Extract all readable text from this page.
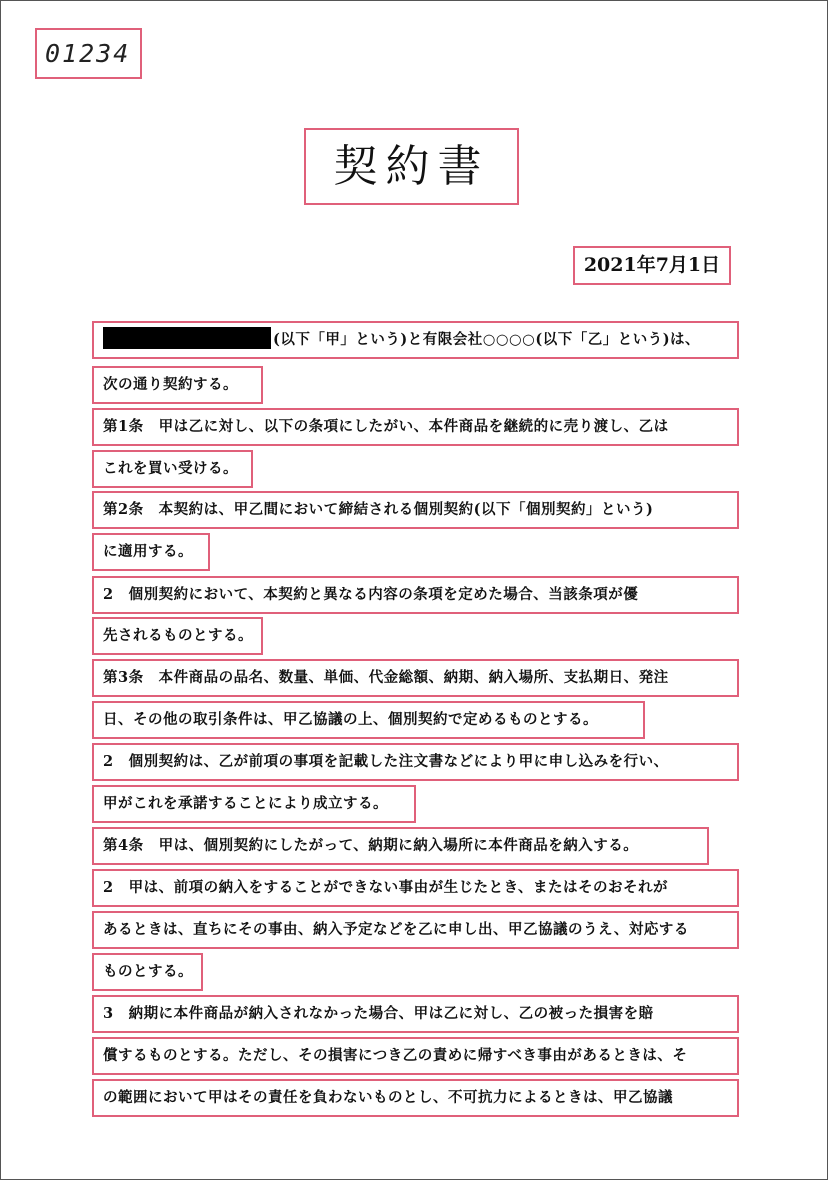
01234
契約書
2021年7月1日
(以下「甲」という)と有限会社○○○○(以下「乙」という)は、
次の通り契約する。
第1条　甲は乙に対し、以下の条項にしたがい、本件商品を継続的に売り渡し、乙は
これを買い受ける。
第2条　本契約は、甲乙間において締結される個別契約(以下「個別契約」という)
に適用する。
2　個別契約において、本契約と異なる内容の条項を定めた場合、当該条項が優
先されるものとする。
第3条　本件商品の品名、数量、単価、代金総額、納期、納入場所、支払期日、発注
日、その他の取引条件は、甲乙協議の上、個別契約で定めるものとする。
2　個別契約は、乙が前項の事項を記載した注文書などにより甲に申し込みを行い、
甲がこれを承諾することにより成立する。
第4条　甲は、個別契約にしたがって、納期に納入場所に本件商品を納入する。
2　甲は、前項の納入をすることができない事由が生じたとき、またはそのおそれが
あるときは、直ちにその事由、納入予定などを乙に申し出、甲乙協議のうえ、対応する
ものとする。
3　納期に本件商品が納入されなかった場合、甲は乙に対し、乙の被った損害を賠
償するものとする。ただし、その損害につき乙の責めに帰すべき事由があるときは、そ
の範囲において甲はその責任を負わないものとし、不可抗力によるときは、甲乙協議
